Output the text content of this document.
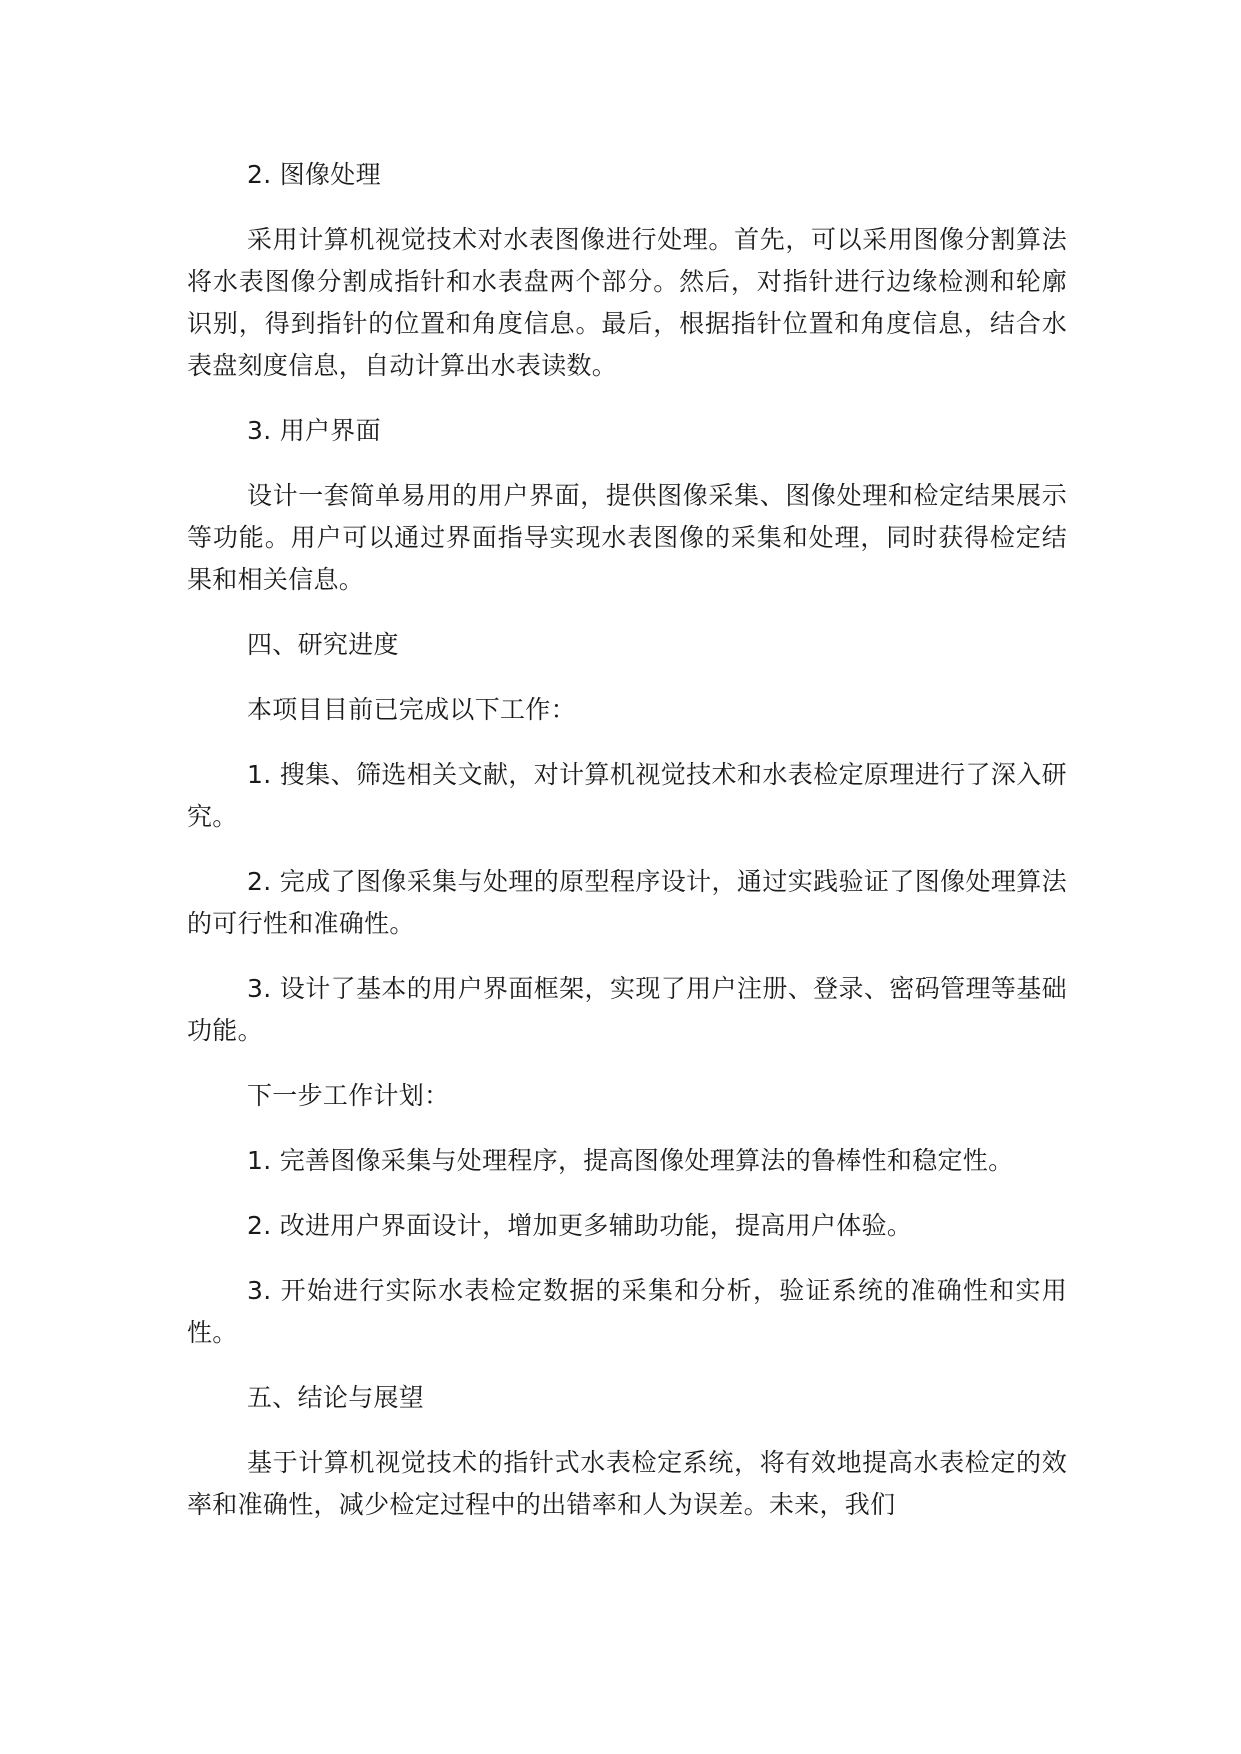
2. 图像处理

采用计算机视觉技术对水表图像进行处理。首先，可以采用图像分割算法将水表图像分割成指针和水表盘两个部分。然后，对指针进行边缘检测和轮廓识别，得到指针的位置和角度信息。最后，根据指针位置和角度信息，结合水表盘刻度信息，自动计算出水表读数。

3. 用户界面

设计一套简单易用的用户界面，提供图像采集、图像处理和检定结果展示等功能。用户可以通过界面指导实现水表图像的采集和处理，同时获得检定结果和相关信息。

四、研究进度

本项目目前已完成以下工作：

1. 搜集、筛选相关文献，对计算机视觉技术和水表检定原理进行了深入研究。

2. 完成了图像采集与处理的原型程序设计，通过实践验证了图像处理算法的可行性和准确性。

3. 设计了基本的用户界面框架，实现了用户注册、登录、密码管理等基础功能。

下一步工作计划：

1. 完善图像采集与处理程序，提高图像处理算法的鲁棒性和稳定性。

2. 改进用户界面设计，增加更多辅助功能，提高用户体验。

3. 开始进行实际水表检定数据的采集和分析，验证系统的准确性和实用性。

五、结论与展望

基于计算机视觉技术的指针式水表检定系统，将有效地提高水表检定的效率和准确性，减少检定过程中的出错率和人为误差。未来，我们
